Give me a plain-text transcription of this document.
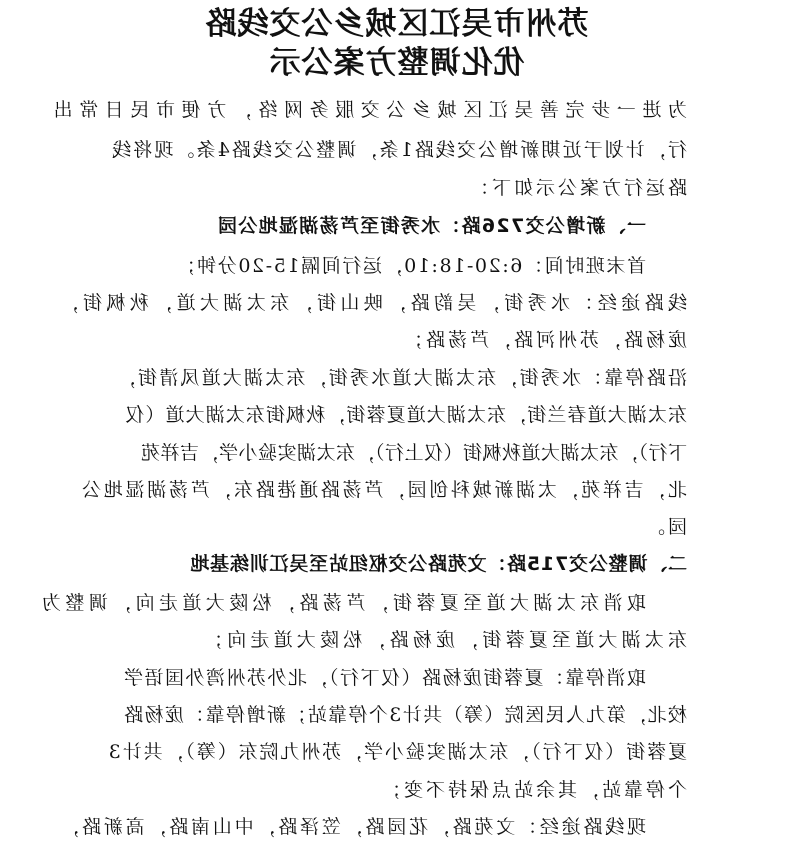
苏州市吴江区城乡公交线路
优化调整方案公示
为进一步完善吴江区城乡公交服务网络，方便市民日常出
行，计划于近期新增公交线路1条，调整公交线路4条。现将线
路运行方案公示如下：
一、新增公交726路：水秀街至芦荡湖湿地公园
首末班时间：6:20-18:10，运行间隔15-20分钟；
线路途经：水秀街，吴韵路，映山街，东太湖大道，秋枫街，
庞杨路，苏州河路，芦荡路；
沿路停靠：水秀街，东太湖大道水秀街，东太湖大道凤清街，
东太湖大道春兰街，东太湖大道夏蓉街，秋枫街东太湖大道（仅
下行），东太湖大道秋枫街（仅上行），东太湖实验小学，吉祥苑
北，吉祥苑，太湖新城科创园，芦荡路通港路东，芦荡湖湿地公
园。
二、调整公交715路：文苑路公交枢纽站至吴江训练基地
取消东太湖大道至夏蓉街，芦荡路，松陵大道走向，调整为
东太湖大道至夏蓉街，庞杨路，松陵大道走向；
取消停靠：夏蓉街庞杨路（仅下行），北外苏州湾外国语学
校北，第九人民医院（筹）共计3个停靠站；新增停靠：庞杨路
夏蓉街（仅下行），东太湖实验小学，苏州九院东（筹），共计3
个停靠站，其余站点保持不变；
现线路途经：文苑路，花园路，笠泽路，中山南路，高新路，
